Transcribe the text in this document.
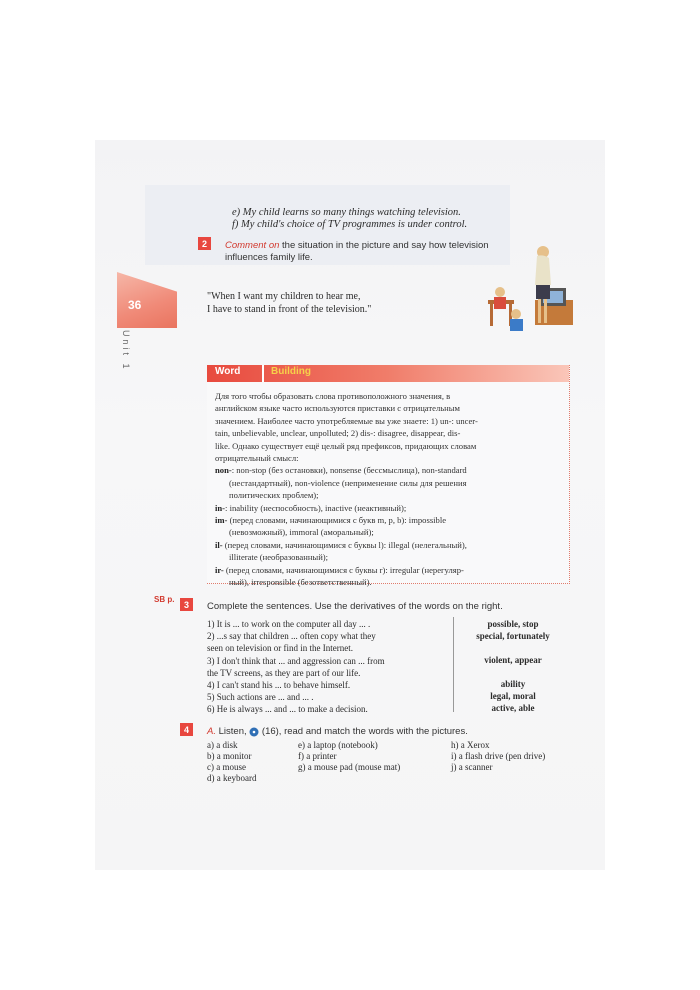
e) My child learns so many things watching television.
f) My child's choice of TV programmes is under control.
2	Comment on the situation in the picture and say how television
influences family life.
36
Unit 1
"When I want my children to hear me,
I have to stand in front of the television."
Word	Building
Для того чтобы образовать слова противоположного значения, в
английском языке часто используются приставки с отрицательным
значением. Наиболее часто употребляемые вы уже знаете: 1) un-: uncer-
tain, unbelievable, unclear, unpolluted; 2) dis-: disagree, disappear, dis-
like. Однако существует ещё целый ряд префиксов, придающих словам
отрицательный смысл:
non-: non-stop (без остановки), nonsense (бессмыслица), non-standard
(нестандартный), non-violence (неприменение силы для решения
политических проблем);
in-: inability (неспособность), inactive (неактивный);
im- (перед словами, начинающимися с букв m, p, b): impossible
(невозможный), immoral (аморальный);
il- (перед словами, начинающимися с буквы l): illegal (нелегальный),
illiterate (необразованный);
ir- (перед словами, начинающимися с буквы r): irregular (нерегуляр-
ный), irresponsible (безответственный).
SB p.	3	Complete the sentences. Use the derivatives of the words on the right.
1) It is ... to work on the computer all day ... .
2) ...s say that children ... often copy what they
seen on television or find in the Internet.
3) I don't think that ... and aggression can ... from
the TV screens, as they are part of our life.
4) I can't stand his ... to behave himself.
5) Such actions are ... and ... .
6) He is always ... and ... to make a decision.
possible, stop
special, fortunately
violent, appear
ability
legal, moral
active, able
4	A. Listen, (16), read and match the words with the pictures.
a) a disk
b) a monitor
c) a mouse
d) a keyboard
e) a laptop (notebook)
f) a printer
g) a mouse pad (mouse mat)
h) a Xerox
i) a flash drive (pen drive)
j) a scanner
